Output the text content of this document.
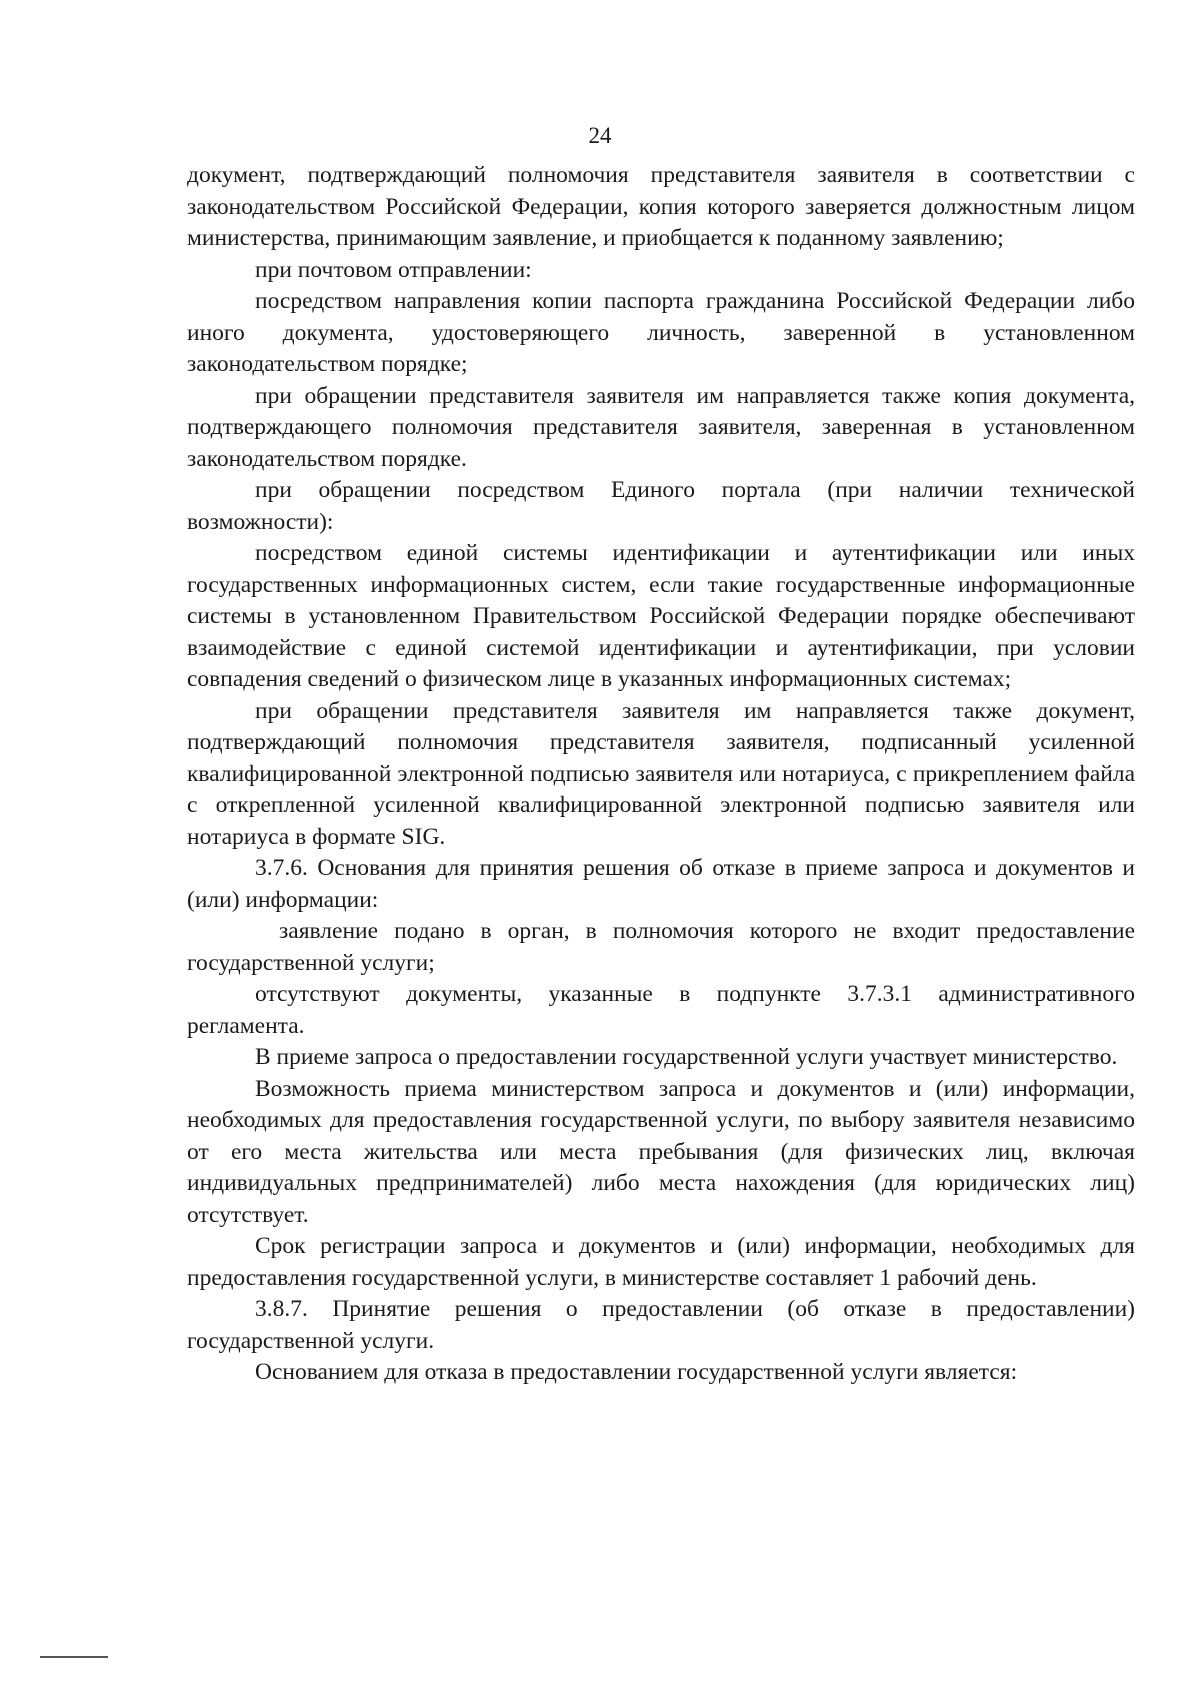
24

документ, подтверждающий полномочия представителя заявителя в соответствии с законодательством Российской Федерации, копия которого заверяется должностным лицом министерства, принимающим заявление, и приобщается к поданному заявлению;

при почтовом отправлении:

посредством направления копии паспорта гражданина Российской Федерации либо иного документа, удостоверяющего личность, заверенной в установленном законодательством порядке;

при обращении представителя заявителя им направляется также копия документа, подтверждающего полномочия представителя заявителя, заверенная в установленном законодательством порядке.

при обращении посредством Единого портала (при наличии технической возможности):

посредством единой системы идентификации и аутентификации или иных государственных информационных систем, если такие государственные информационные системы в установленном Правительством Российской Федерации порядке обеспечивают взаимодействие с единой системой идентификации и аутентификации, при условии совпадения сведений о физическом лице в указанных информационных системах;

при обращении представителя заявителя им направляется также документ, подтверждающий полномочия представителя заявителя, подписанный усиленной квалифицированной электронной подписью заявителя или нотариуса, с прикреплением файла с открепленной усиленной квалифицированной электронной подписью заявителя или нотариуса в формате SIG.

3.7.6. Основания для принятия решения об отказе в приеме запроса и документов и (или) информации:

заявление подано в орган, в полномочия которого не входит предоставление государственной услуги;

отсутствуют документы, указанные в подпункте 3.7.3.1 административного регламента.

В приеме запроса о предоставлении государственной услуги участвует министерство.

Возможность приема министерством запроса и документов и (или) информации, необходимых для предоставления государственной услуги, по выбору заявителя независимо от его места жительства или места пребывания (для физических лиц, включая индивидуальных предпринимателей) либо места нахождения (для юридических лиц) отсутствует.

Срок регистрации запроса и документов и (или) информации, необходимых для предоставления государственной услуги, в министерстве составляет 1 рабочий день.

3.8.7. Принятие решения о предоставлении (об отказе в предоставлении) государственной услуги.

Основанием для отказа в предоставлении государственной услуги является:
